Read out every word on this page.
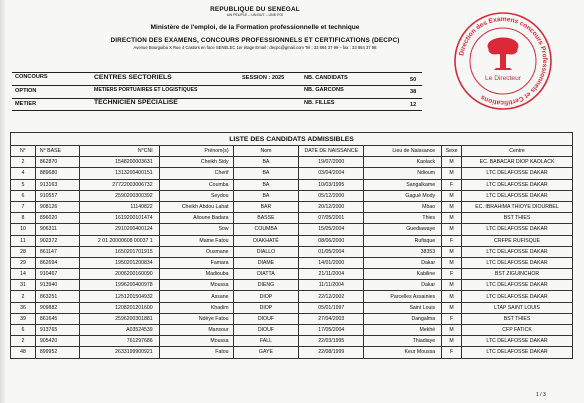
REPUBLIQUE DU SENEGAL
UN PEUPLE – UN BUT – UNE FOI
Ministère de l'emploi, de la Formation professionnelle et technique
DIRECTION DES EXAMENS, CONCOURS PROFESSIONNELS ET CERTIFICATIONS (DECPC)
Avenue Bourguiba X Rue 4 Castors en face SENELEC 1er étage Email : decpc@gmail.com Tel : 33 864 37 99 – fax : 33 864 37 98
Direction des Examens concours Professionnels et Certifications
Le Directeur
CONCOURS	CENTRES SECTORIELS	SESSION : 2025	NB. CANDIDATS	50
OPTION	METIERS PORTUAIRES ET LOGISTIQUES	NB. GARCONS	38
METIER	TECHNICIEN SPECIALISE	NB. FILLES	12
LISTE DES CANDIDATS ADMISSIBLES								
N°	N° BASE	N°CNI	Prénom(s)	Nom	DATE DE NAISSANCE	Lieu de Naissance	Sexe	Centre
2	862870	1548200003631	Cheikh Sidy	BA	19/07/2000	Kaolack	M	EC. BABACAR DIOP KAOLACK
4	889680	1313200400151	Cherif	BA	03/04/2004	Ndioum	M	LTC DELAFOSSE DAKAR
5	913163	27722003006732	Coumba	BA	10/03/1995	Sangalkame	F	LTC DELAFOSSE DAKAR
6	910557	2590200300392	Seydou	BA	05/12/2000	Gaguè Mody	M	LTC DELAFOSSE DAKAR
7	908126	11140822	Cheikh Abdou Lahat	BAR	20/12/2000	Mbao	M	EC. IBRAHIMA THIOYE DIOURBEL
8	896020	1619200101474	Alioune Badara	BASSE	07/05/2001	Thies	M	BST THIES
10	906311	2910200400124	Sow	COUMBA	15/05/2004	Guediawaye	M	LTC DELAFOSSE DAKAR
11	902372	2 01 20000608 00037 1	Mame Fatou	DIAKHATÉ	08/06/2000	Rufisque	F	CRFPE RUFISQUE
28	861147	1650201701915	Ousmane	DIALLO	01/05/2004	38353	M	LTC DELAFOSSE DAKAR
29	862694	1950201200834	Famara	DIAME	14/01/2000	Dakar	M	LTC DELAFOSSE DAKAR
14	910467	2006200160090	Madiouba	DIATTA	21/11/2004	Kabiline	F	BST ZIGUINCHOR
31	913940	1996200400978	Moussa	DIENG	11/11/2004	Dakar	M	LTC DELAFOSSE DAKAR
2	863251	1251201504932	Assane	DIOP	22/12/2002	Parcelles Assainies	M	LTC DELAFOSSE DAKAR
36	909882	1208201201600	Khadim	DIOP	05/01/1997	Saint Louis	M	LTAP SAINT LOUIS
39	861645	2596200301881	Ndèye Fatou	DIOUF	27/04/2003	Dangalma	F	BST THIES
6	913765	A03524539	Mansour	DIOUF	17/05/2004	Mekhé	M	CFP FATICK
2	905420	761297686	Moussa	FALL	22/03/1995	Thiadiaye	M	LTC DELAFOSSE DAKAR
48	899952	2633199900921	Fatou	GAYE	22/08/1999	Keur Moussa	F	LTC DELAFOSSE DAKAR
1 / 3
